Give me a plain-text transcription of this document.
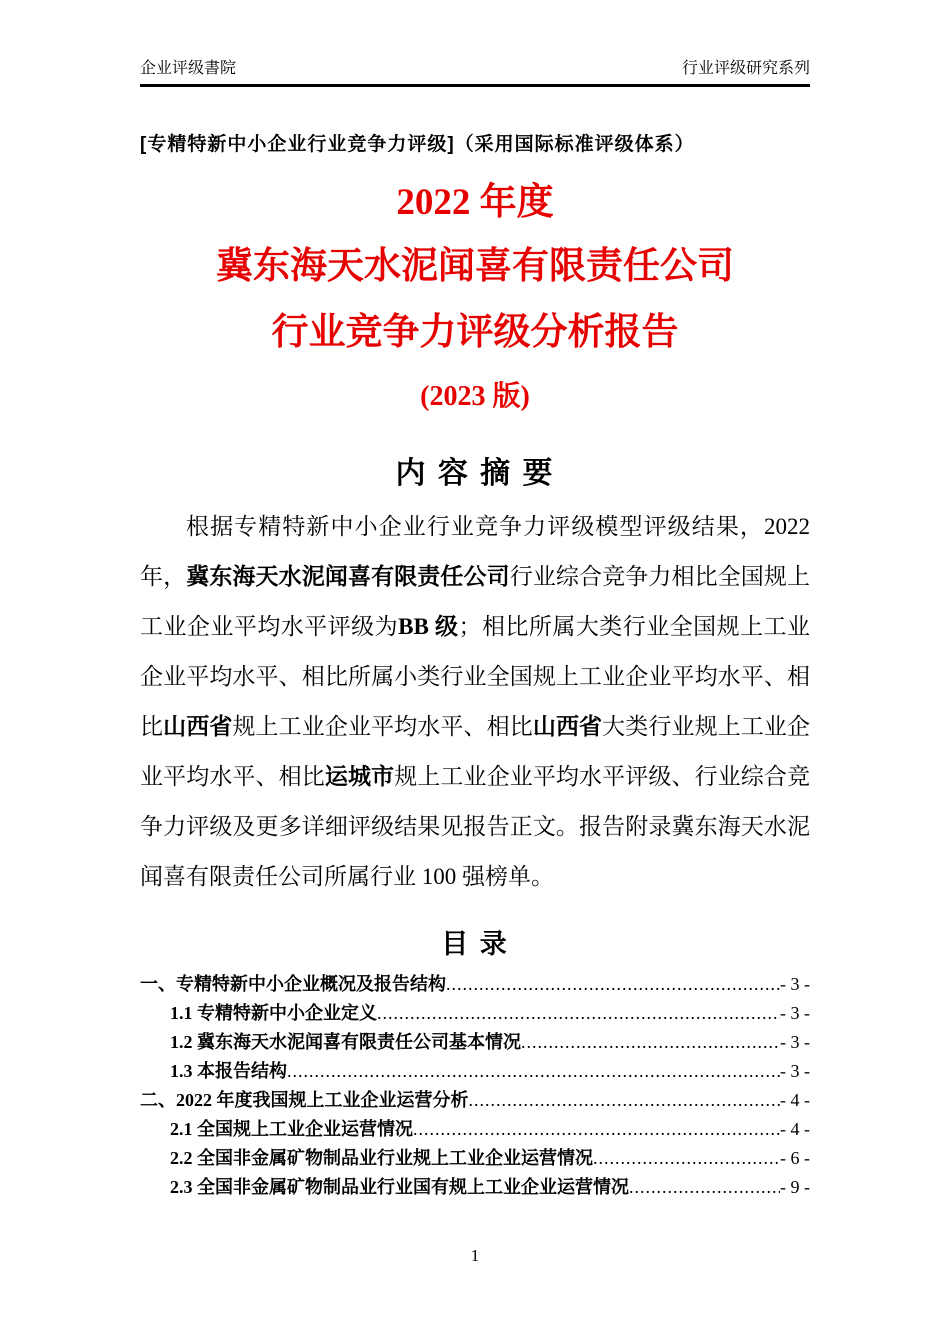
企业评级書院	行业评级研究系列
[专精特新中小企业行业竞争力评级]（采用国际标准评级体系）
2022 年度
冀东海天水泥闻喜有限责任公司
行业竞争力评级分析报告
(2023 版)
内 容 摘 要

根据专精特新中小企业行业竞争力评级模型评级结果，2022 年，冀东海天水泥闻喜有限责任公司行业综合竞争力相比全国规上工业企业平均水平评级为BB 级；相比所属大类行业全国规上工业企业平均水平、相比所属小类行业全国规上工业企业平均水平、相比山西省规上工业企业平均水平、相比山西省大类行业规上工业企业平均水平、相比运城市规上工业企业平均水平评级、行业综合竞争力评级及更多详细评级结果见报告正文。报告附录冀东海天水泥闻喜有限责任公司所属行业 100 强榜单。

目 录
一、专精特新中小企业概况及报告结构 .....	- 3 -
1.1 专精特新中小企业定义 .....	- 3 -
1.2 冀东海天水泥闻喜有限责任公司基本情况 .....	- 3 -
1.3 本报告结构 .....	- 3 -
二、2022 年度我国规上工业企业运营分析 .....	- 4 -
2.1 全国规上工业企业运营情况 .....	- 4 -
2.2 全国非金属矿物制品业行业规上工业企业运营情况 .....	- 6 -
2.3 全国非金属矿物制品业行业国有规上工业企业运营情况 .....	- 9 -
1
